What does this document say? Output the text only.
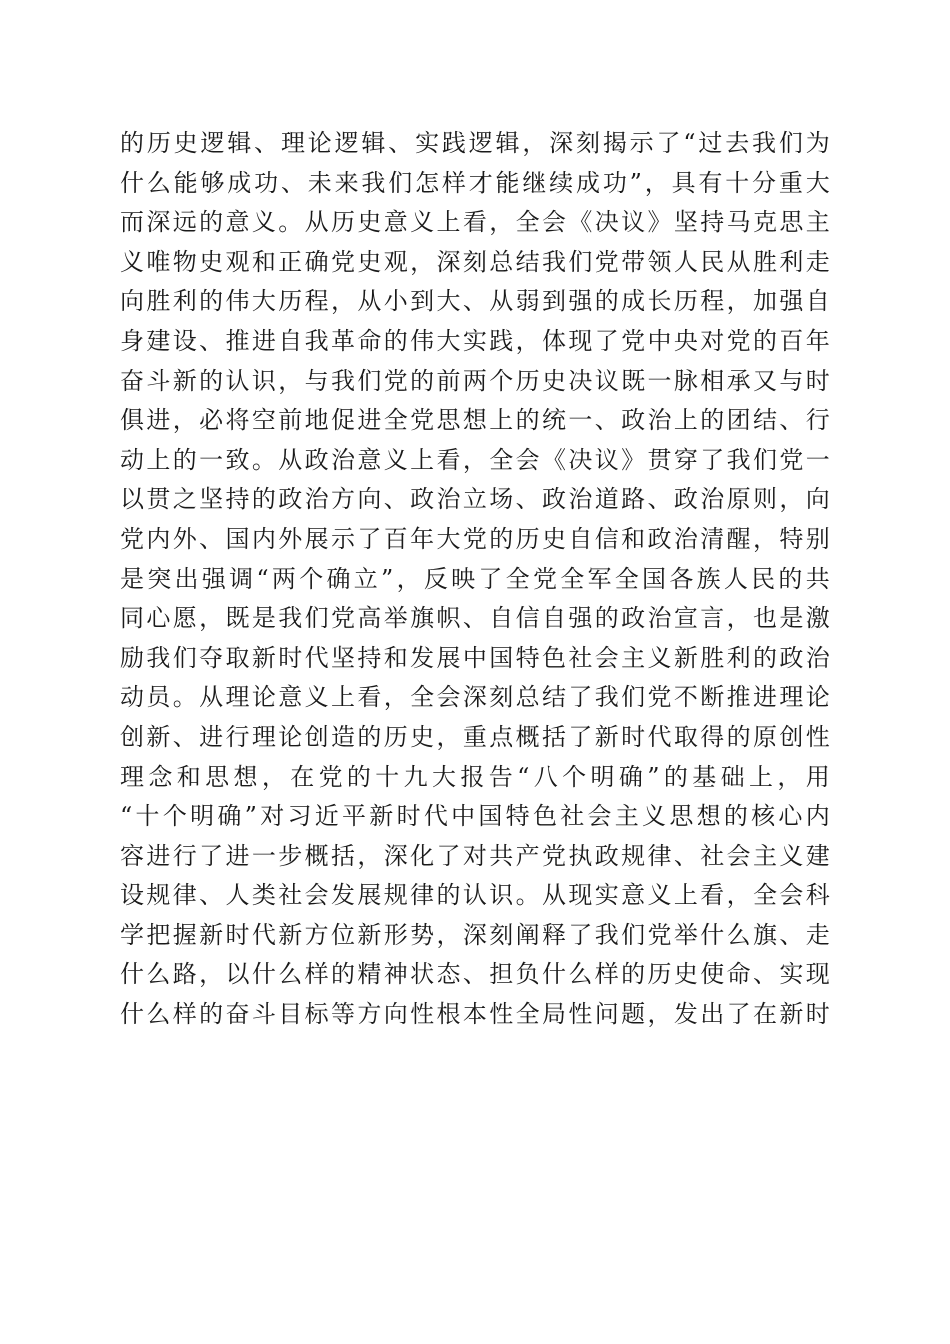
的历史逻辑、理论逻辑、实践逻辑，深刻揭示了“过去我们为
什么能够成功、未来我们怎样才能继续成功”，具有十分重大
而深远的意义。从历史意义上看，全会《决议》坚持马克思主
义唯物史观和正确党史观，深刻总结我们党带领人民从胜利走
向胜利的伟大历程，从小到大、从弱到强的成长历程，加强自
身建设、推进自我革命的伟大实践，体现了党中央对党的百年
奋斗新的认识，与我们党的前两个历史决议既一脉相承又与时
俱进，必将空前地促进全党思想上的统一、政治上的团结、行
动上的一致。从政治意义上看，全会《决议》贯穿了我们党一
以贯之坚持的政治方向、政治立场、政治道路、政治原则，向
党内外、国内外展示了百年大党的历史自信和政治清醒，特别
是突出强调“两个确立”，反映了全党全军全国各族人民的共
同心愿，既是我们党高举旗帜、自信自强的政治宣言，也是激
励我们夺取新时代坚持和发展中国特色社会主义新胜利的政治
动员。从理论意义上看，全会深刻总结了我们党不断推进理论
创新、进行理论创造的历史，重点概括了新时代取得的原创性
理念和思想，在党的十九大报告“八个明确”的基础上，用
“十个明确”对习近平新时代中国特色社会主义思想的核心内
容进行了进一步概括，深化了对共产党执政规律、社会主义建
设规律、人类社会发展规律的认识。从现实意义上看，全会科
学把握新时代新方位新形势，深刻阐释了我们党举什么旗、走
什么路，以什么样的精神状态、担负什么样的历史使命、实现
什么样的奋斗目标等方向性根本性全局性问题，发出了在新时
